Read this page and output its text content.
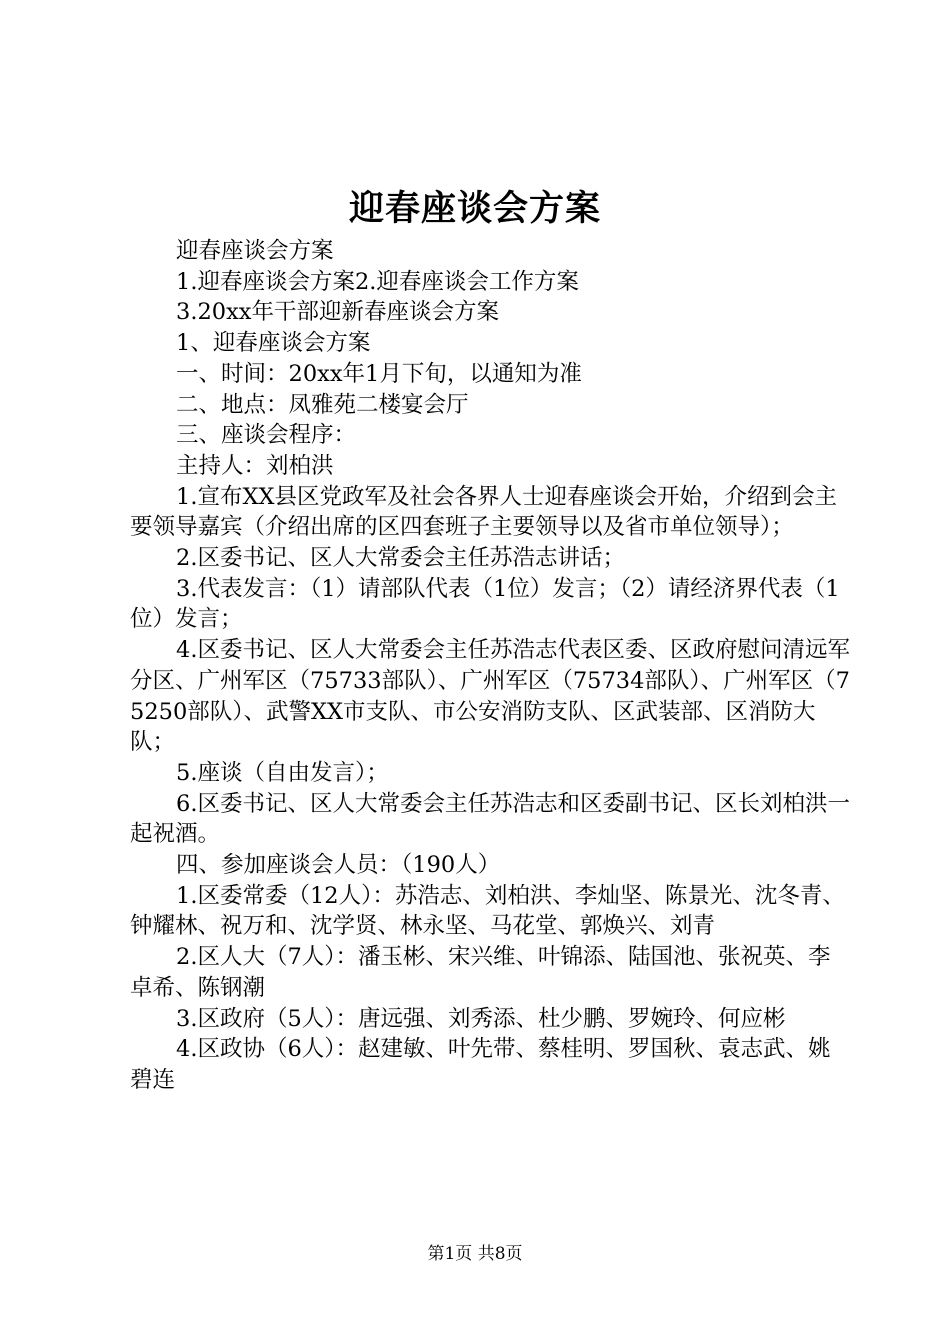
迎春座谈会方案

迎春座谈会方案

1.迎春座谈会方案2.迎春座谈会工作方案

3.20xx年干部迎新春座谈会方案

1、迎春座谈会方案

一、时间：20xx年1月下旬，以通知为准

二、地点：凤雅苑二楼宴会厅

三、座谈会程序：

主持人：刘柏洪

1.宣布XX县区党政军及社会各界人士迎春座谈会开始，介绍到会主要领导嘉宾（介绍出席的区四套班子主要领导以及省市单位领导）；

2.区委书记、区人大常委会主任苏浩志讲话；

3.代表发言：（1）请部队代表（1位）发言；（2）请经济界代表（1位）发言；

4.区委书记、区人大常委会主任苏浩志代表区委、区政府慰问清远军分区、广州军区（75733部队）、广州军区（75734部队）、广州军区（75250部队）、武警XX市支队、市公安消防支队、区武装部、区消防大队；

5.座谈（自由发言）；

6.区委书记、区人大常委会主任苏浩志和区委副书记、区长刘柏洪一起祝酒。

四、参加座谈会人员：（190人）

1.区委常委（12人）：苏浩志、刘柏洪、李灿坚、陈景光、沈冬青、钟耀林、祝万和、沈学贤、林永坚、马花堂、郭焕兴、刘青

2.区人大（7人）：潘玉彬、宋兴维、叶锦添、陆国池、张祝英、李卓希、陈钢潮

3.区政府（5人）：唐远强、刘秀添、杜少鹏、罗婉玲、何应彬

4.区政协（6人）：赵建敏、叶先带、蔡桂明、罗国秋、袁志武、姚碧连

第1页 共8页
